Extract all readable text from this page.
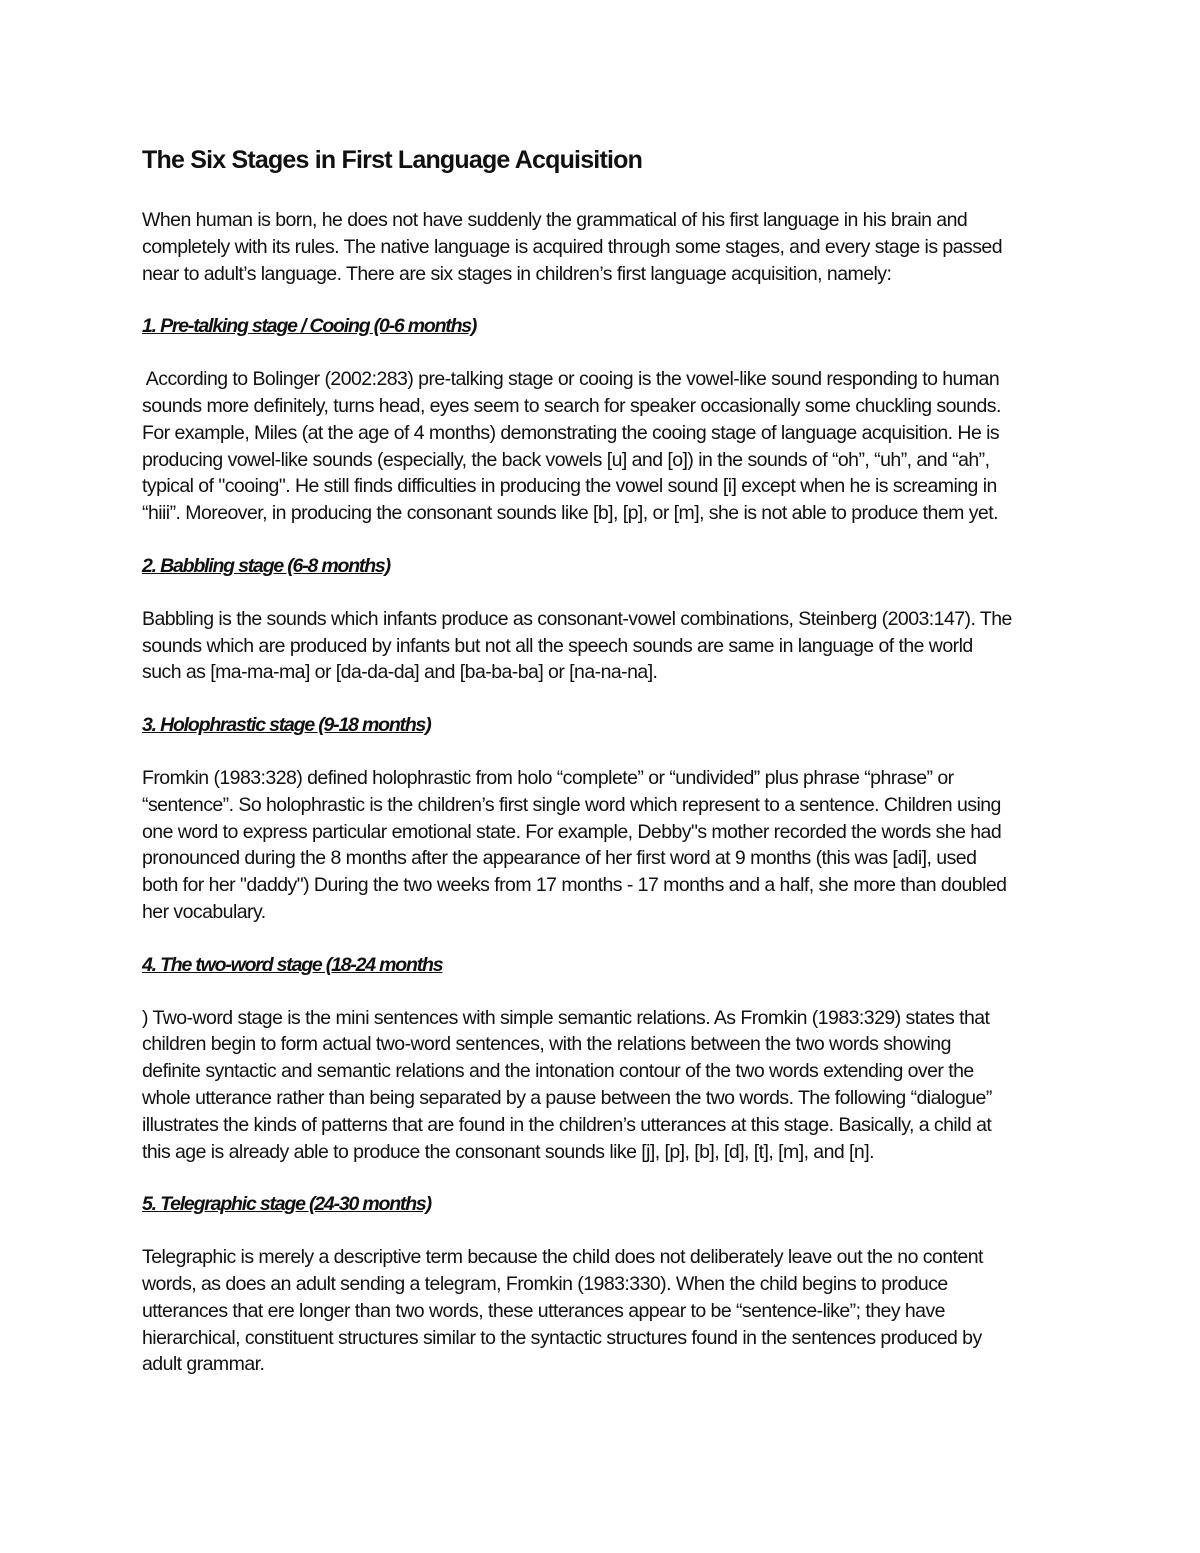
The Six Stages in First Language Acquisition

When human is born, he does not have suddenly the grammatical of his first language in his brain and
completely with its rules. The native language is acquired through some stages, and every stage is passed
near to adult’s language. There are six stages in children’s first language acquisition, namely:

1. Pre-talking stage / Cooing (0-6 months)

According to Bolinger (2002:283) pre-talking stage or cooing is the vowel-like sound responding to human
sounds more definitely, turns head, eyes seem to search for speaker occasionally some chuckling sounds.
For example, Miles (at the age of 4 months) demonstrating the cooing stage of language acquisition. He is
producing vowel-like sounds (especially, the back vowels [u] and [o]) in the sounds of “oh”, “uh”, and “ah”,
typical of "cooing". He still finds difficulties in producing the vowel sound [i] except when he is screaming in
“hiii”. Moreover, in producing the consonant sounds like [b], [p], or [m], she is not able to produce them yet.

2. Babbling stage (6-8 months)

Babbling is the sounds which infants produce as consonant-vowel combinations, Steinberg (2003:147). The
sounds which are produced by infants but not all the speech sounds are same in language of the world
such as [ma-ma-ma] or [da-da-da] and [ba-ba-ba] or [na-na-na].

3. Holophrastic stage (9-18 months)

Fromkin (1983:328) defined holophrastic from holo “complete” or “undivided” plus phrase “phrase” or
“sentence”. So holophrastic is the children’s first single word which represent to a sentence. Children using
one word to express particular emotional state. For example, Debby"s mother recorded the words she had
pronounced during the 8 months after the appearance of her first word at 9 months (this was [adi], used
both for her "daddy") During the two weeks from 17 months - 17 months and a half, she more than doubled
her vocabulary.

4. The two-word stage (18-24 months

) Two-word stage is the mini sentences with simple semantic relations. As Fromkin (1983:329) states that
children begin to form actual two-word sentences, with the relations between the two words showing
definite syntactic and semantic relations and the intonation contour of the two words extending over the
whole utterance rather than being separated by a pause between the two words. The following “dialogue”
illustrates the kinds of patterns that are found in the children’s utterances at this stage. Basically, a child at
this age is already able to produce the consonant sounds like [j], [p], [b], [d], [t], [m], and [n].

5. Telegraphic stage (24-30 months)

Telegraphic is merely a descriptive term because the child does not deliberately leave out the no content
words, as does an adult sending a telegram, Fromkin (1983:330). When the child begins to produce
utterances that ere longer than two words, these utterances appear to be “sentence-like”; they have
hierarchical, constituent structures similar to the syntactic structures found in the sentences produced by
adult grammar.
